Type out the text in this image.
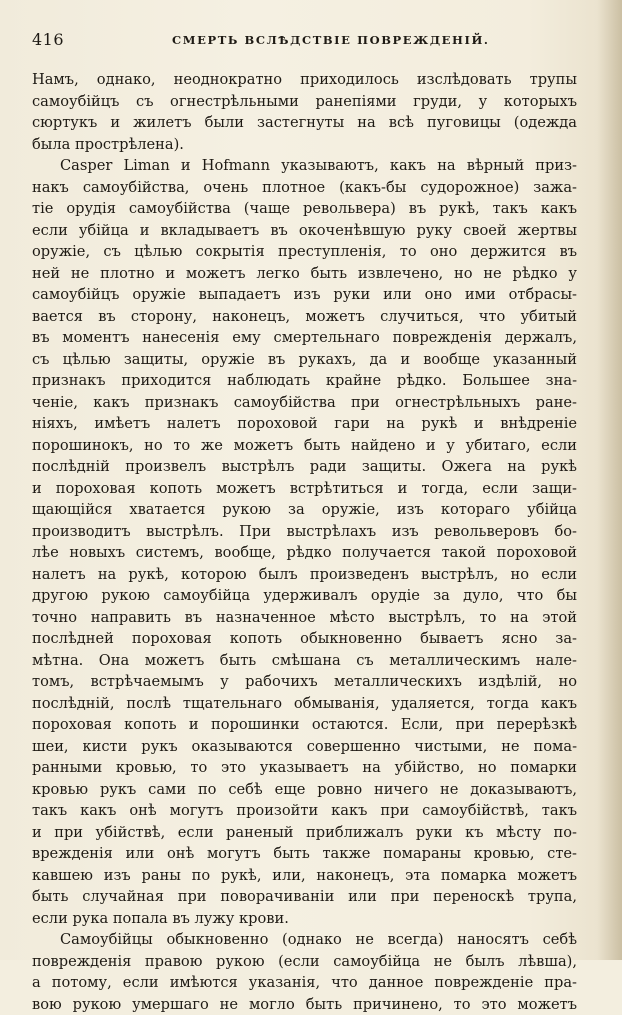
416	СМЕРТЬ ВСЛѢДСТВІЕ ПОВРЕЖДЕНІЙ.
Намъ, однако, неоднократно приходилось изслѣдовать трупы
самоубійцъ съ огнестрѣльными ранепіями груди, у которыхъ
сюртукъ и жилетъ были застегнуты на всѣ пуговицы (одежда
была прострѣлена).
Casper Liman и Hofmann указываютъ, какъ на вѣрный приз-
накъ самоубійства, очень плотное (какъ-бы судорожное) зажа-
тіе орудія самоубійства (чаще револьвера) въ рукѣ, такъ какъ
если убійца и вкладываетъ въ окоченѣвшую руку своей жертвы
оружіе, съ цѣлью сокрытія преступленія, то оно держится въ
ней не плотно и можетъ легко быть извлечено, но не рѣдко у
самоубійцъ оружіе выпадаетъ изъ руки или оно ими отбрасы-
вается въ сторону, наконецъ, можетъ случиться, что убитый
въ моментъ нанесенія ему смертельнаго поврежденія держалъ,
съ цѣлью защиты, оружіе въ рукахъ, да и вообще указанный
признакъ приходится наблюдать крайне рѣдко. Большее зна-
ченіе, какъ признакъ самоубійства при огнестрѣльныхъ ране-
ніяхъ, имѣетъ налетъ пороховой гари на рукѣ и внѣдреніе
порошинокъ, но то же можетъ быть найдено и у убитаго, если
послѣдній произвелъ выстрѣлъ ради защиты. Ожега на рукѣ
и пороховая копоть можетъ встрѣтиться и тогда, если защи-
щающійся хватается рукою за оружіе, изъ котораго убійца
производитъ выстрѣлъ. При выстрѣлахъ изъ револьверовъ бо-
лѣе новыхъ системъ, вообще, рѣдко получается такой пороховой
налетъ на рукѣ, которою былъ произведенъ выстрѣлъ, но если
другою рукою самоубійца удерживалъ орудіе за дуло, что бы
точно направить въ назначенное мѣсто выстрѣлъ, то на этой
послѣдней пороховая копоть обыкновенно бываетъ ясно за-
мѣтна. Она можетъ быть смѣшана съ металлическимъ нале-
томъ, встрѣчаемымъ у рабочихъ металлическихъ издѣлій, но
послѣдній, послѣ тщательнаго обмыванія, удаляется, тогда какъ
пороховая копоть и порошинки остаются. Если, при перерѣзкѣ
шеи, кисти рукъ оказываются совершенно чистыми, не пома-
ранными кровью, то это указываетъ на убійство, но помарки
кровью рукъ сами по себѣ еще ровно ничего не доказываютъ,
такъ какъ онѣ могутъ произойти какъ при самоубійствѣ, такъ
и при убійствѣ, если раненый приближалъ руки къ мѣсту по-
врежденія или онѣ могутъ быть также помараны кровью, сте-
кавшею изъ раны по рукѣ, или, наконецъ, эта помарка можетъ
быть случайная при поворачиваніи или при переноскѣ трупа,
если рука попала въ лужу крови.
Самоубійцы обыкновенно (однако не всегда) наносятъ себѣ
поврежденія правою рукою (если самоубійца не былъ лѣвша),
а потому, если имѣются указанія, что данное поврежденіе пра-
вою рукою умершаго не могло быть причинено, то это можетъ
